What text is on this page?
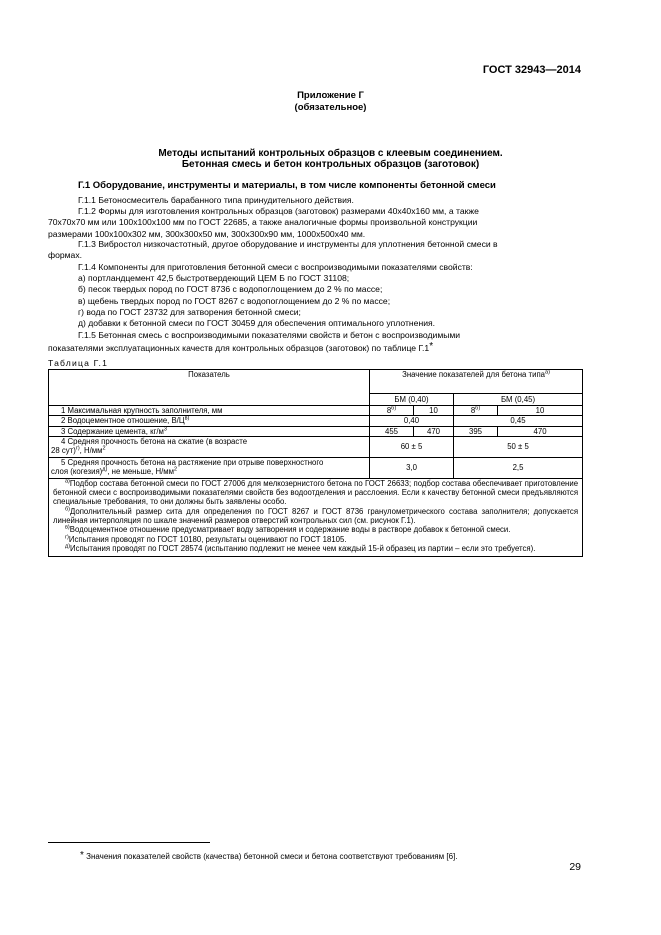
ГОСТ 32943—2014
Приложение Г
(обязательное)
Методы испытаний контрольных образцов с клеевым соединением.
Бетонная смесь и бетон контрольных образцов (заготовок)
Г.1 Оборудование, инструменты и материалы, в том числе компоненты бетонной смеси
Г.1.1 Бетоносмеситель барабанного типа принудительного действия.
Г.1.2 Формы для изготовления контрольных образцов (заготовок) размерами 40х40х160 мм, а также
70х70х70 мм или 100х100х100 мм по ГОСТ 22685, а также аналогичные формы произвольной конструкции
размерами 100х100х302 мм, 300х300х50 мм, 300х300х90 мм, 1000х500х40 мм.
Г.1.3 Вибростол низкочастотный, другое оборудование и инструменты для уплотнения бетонной смеси в
формах.
Г.1.4 Компоненты для приготовления бетонной смеси с воспроизводимыми показателями свойств:
а) портландцемент 42,5 быстротвердеющий ЦЕМ Б по ГОСТ 31108;
б) песок твердых пород по ГОСТ 8736 с водопоглощением до 2 % по массе;
в) щебень твердых пород по ГОСТ 8267 с водопоглощением до 2 % по массе;
г) вода по ГОСТ 23732 для затворения бетонной смеси;
д) добавки к бетонной смеси по ГОСТ 30459 для обеспечения оптимального уплотнения.
Г.1.5 Бетонная смесь с воспроизводимыми показателями свойств и бетон с воспроизводимыми
показателями эксплуатационных качеств для контрольных образцов (заготовок) по таблице Г.1*
Таблица Г.1
Показатель	Значение показателей для бетона типа$^{а)}$
	БМ (0,40)		БМ (0,45)	
1 Максимальная крупность заполнителя, мм	$8^{б)}$	10	$8^{б)}$	10
2 Водоцементное отношение, $В/Ц^{в)}$	0,40		0,45	
3 Содержание цемента, $кг/м^3$	455	470	395	470

4 Средняя прочность бетона на сжатие (в возрасте
28 сут)$^{г)}$, $Н/мм^2$	60 ± 5		50 ± 5	

5 Средняя прочность бетона на растяжение при отрыве поверхностного
слоя (когезия)$^{д)}$, не меньше, $Н/мм^2$	3,0		2,5	

$^{а)}$Подбор состава бетонной смеси по ГОСТ 27006 для мелкозернистого бетона по ГОСТ 26633; подбор состава обеспечивает приготовление бетонной смеси с воспроизводимыми показателями свойств без водоотделения и расслоения. Если к качеству бетонной смеси предъявляются специальные требования, то они должны быть заявлены особо.
$^{б)}$Дополнительный размер сита для определения по ГОСТ 8267 и ГОСТ 8736 гранулометрического состава заполнителя; допускается линейная интерполяция по шкале значений размеров отверстий контрольных сил (см. рисунок Г.1).
$^{в)}$Водоцементное отношение предусматривает воду затворения и содержание воды в растворе добавок к бетонной смеси.
$^{г)}$Испытания проводят по ГОСТ 10180, результаты оценивают по ГОСТ 18105.
$^{д)}$Испытания проводят по ГОСТ 28574 (испытанию подлежит не менее чем каждый 15-й образец из партии – если это требуется).				
* Значения показателей свойств (качества) бетонной смеси и бетона соответствуют требованиям [6].
29
